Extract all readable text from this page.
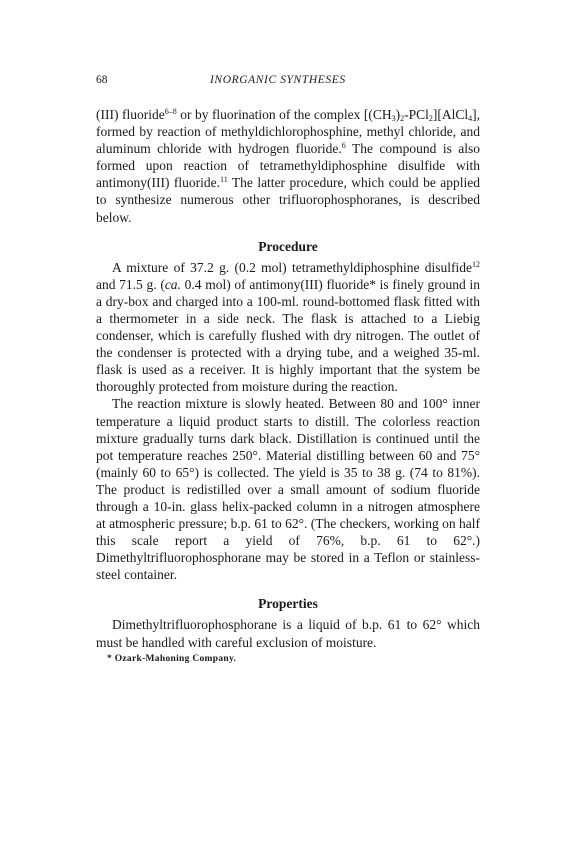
68	INORGANIC SYNTHESES

(III) fluoride$^{6-8}$ or by fluorination of the complex $[(CH_3)_2-PCl_2][AlCl_4]$, formed by reaction of methyldichlorophosphine, methyl chloride, and aluminum chloride with hydrogen fluoride.$^6$ The compound is also formed upon reaction of tetramethyldiphosphine disulfide with antimony(III) fluoride.$^{11}$ The latter procedure, which could be applied to synthesize numerous other trifluorophosphoranes, is described below.

Procedure

A mixture of 37.2 g. (0.2 mol) tetramethyldiphosphine disulfide$^{12}$ and 71.5 g. (ca. 0.4 mol) of antimony(III) fluoride* is finely ground in a dry-box and charged into a 100-ml. round-bottomed flask fitted with a thermometer in a side neck. The flask is attached to a Liebig condenser, which is carefully flushed with dry nitrogen. The outlet of the condenser is protected with a drying tube, and a weighed 35-ml. flask is used as a receiver. It is highly important that the system be thoroughly protected from moisture during the reaction.

The reaction mixture is slowly heated. Between 80 and 100° inner temperature a liquid product starts to distill. The colorless reaction mixture gradually turns dark black. Distillation is continued until the pot temperature reaches 250°. Material distilling between 60 and 75° (mainly 60 to 65°) is collected. The yield is 35 to 38 g. (74 to 81%). The product is redistilled over a small amount of sodium fluoride through a 10-in. glass helix-packed column in a nitrogen atmosphere at atmospheric pressure; b.p. 61 to 62°. (The checkers, working on half this scale report a yield of 76%, b.p. 61 to 62°.) Dimethyltrifluorophosphorane may be stored in a Teflon or stainless-steel container.

Properties

Dimethyltrifluorophosphorane is a liquid of b.p. 61 to 62° which must be handled with careful exclusion of moisture.

* Ozark-Mahoning Company.
